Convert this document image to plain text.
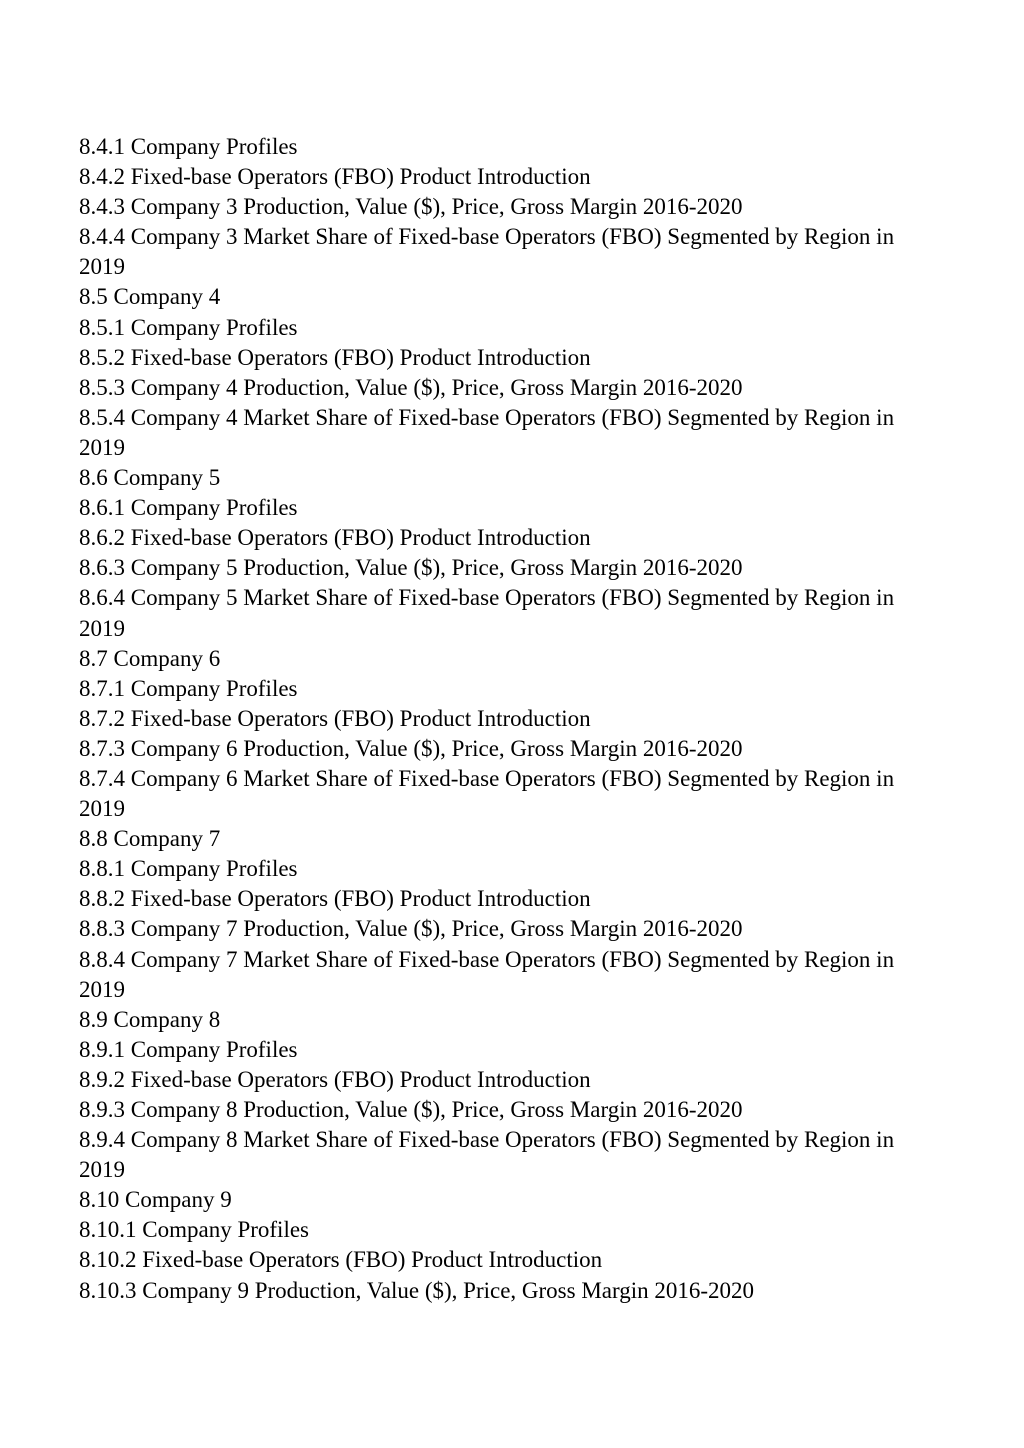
8.4.1 Company Profiles
8.4.2 Fixed-base Operators (FBO) Product Introduction
8.4.3 Company 3 Production, Value ($), Price, Gross Margin 2016-2020
8.4.4 Company 3 Market Share of Fixed-base Operators (FBO) Segmented by Region in
2019
8.5 Company 4
8.5.1 Company Profiles
8.5.2 Fixed-base Operators (FBO) Product Introduction
8.5.3 Company 4 Production, Value ($), Price, Gross Margin 2016-2020
8.5.4 Company 4 Market Share of Fixed-base Operators (FBO) Segmented by Region in
2019
8.6 Company 5
8.6.1 Company Profiles
8.6.2 Fixed-base Operators (FBO) Product Introduction
8.6.3 Company 5 Production, Value ($), Price, Gross Margin 2016-2020
8.6.4 Company 5 Market Share of Fixed-base Operators (FBO) Segmented by Region in
2019
8.7 Company 6
8.7.1 Company Profiles
8.7.2 Fixed-base Operators (FBO) Product Introduction
8.7.3 Company 6 Production, Value ($), Price, Gross Margin 2016-2020
8.7.4 Company 6 Market Share of Fixed-base Operators (FBO) Segmented by Region in
2019
8.8 Company 7
8.8.1 Company Profiles
8.8.2 Fixed-base Operators (FBO) Product Introduction
8.8.3 Company 7 Production, Value ($), Price, Gross Margin 2016-2020
8.8.4 Company 7 Market Share of Fixed-base Operators (FBO) Segmented by Region in
2019
8.9 Company 8
8.9.1 Company Profiles
8.9.2 Fixed-base Operators (FBO) Product Introduction
8.9.3 Company 8 Production, Value ($), Price, Gross Margin 2016-2020
8.9.4 Company 8 Market Share of Fixed-base Operators (FBO) Segmented by Region in
2019
8.10 Company 9
8.10.1 Company Profiles
8.10.2 Fixed-base Operators (FBO) Product Introduction
8.10.3 Company 9 Production, Value ($), Price, Gross Margin 2016-2020
